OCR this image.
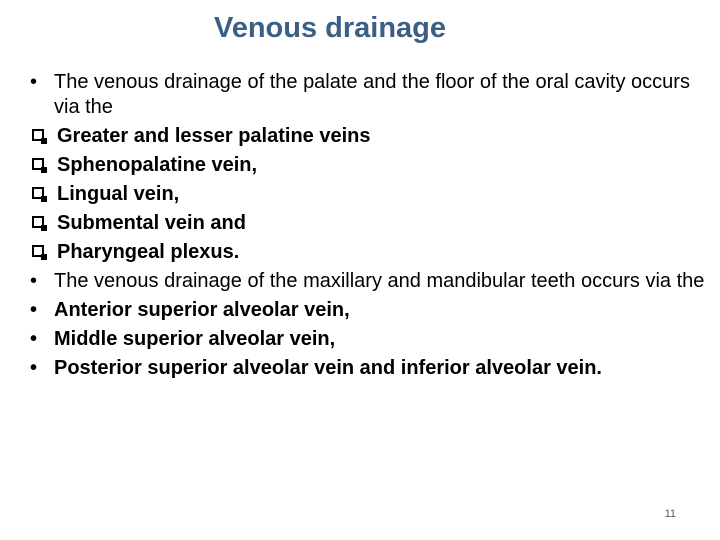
Venous drainage
• The venous drainage of the palate and the floor of the oral cavity occurs via the
Greater and lesser palatine veins
Sphenopalatine vein,
Lingual vein,
Submental vein and
Pharyngeal plexus.
• The venous drainage of the maxillary and mandibular teeth occurs via the
• Anterior superior alveolar vein,
• Middle superior alveolar vein,
• Posterior superior alveolar vein and inferior alveolar vein.
11
